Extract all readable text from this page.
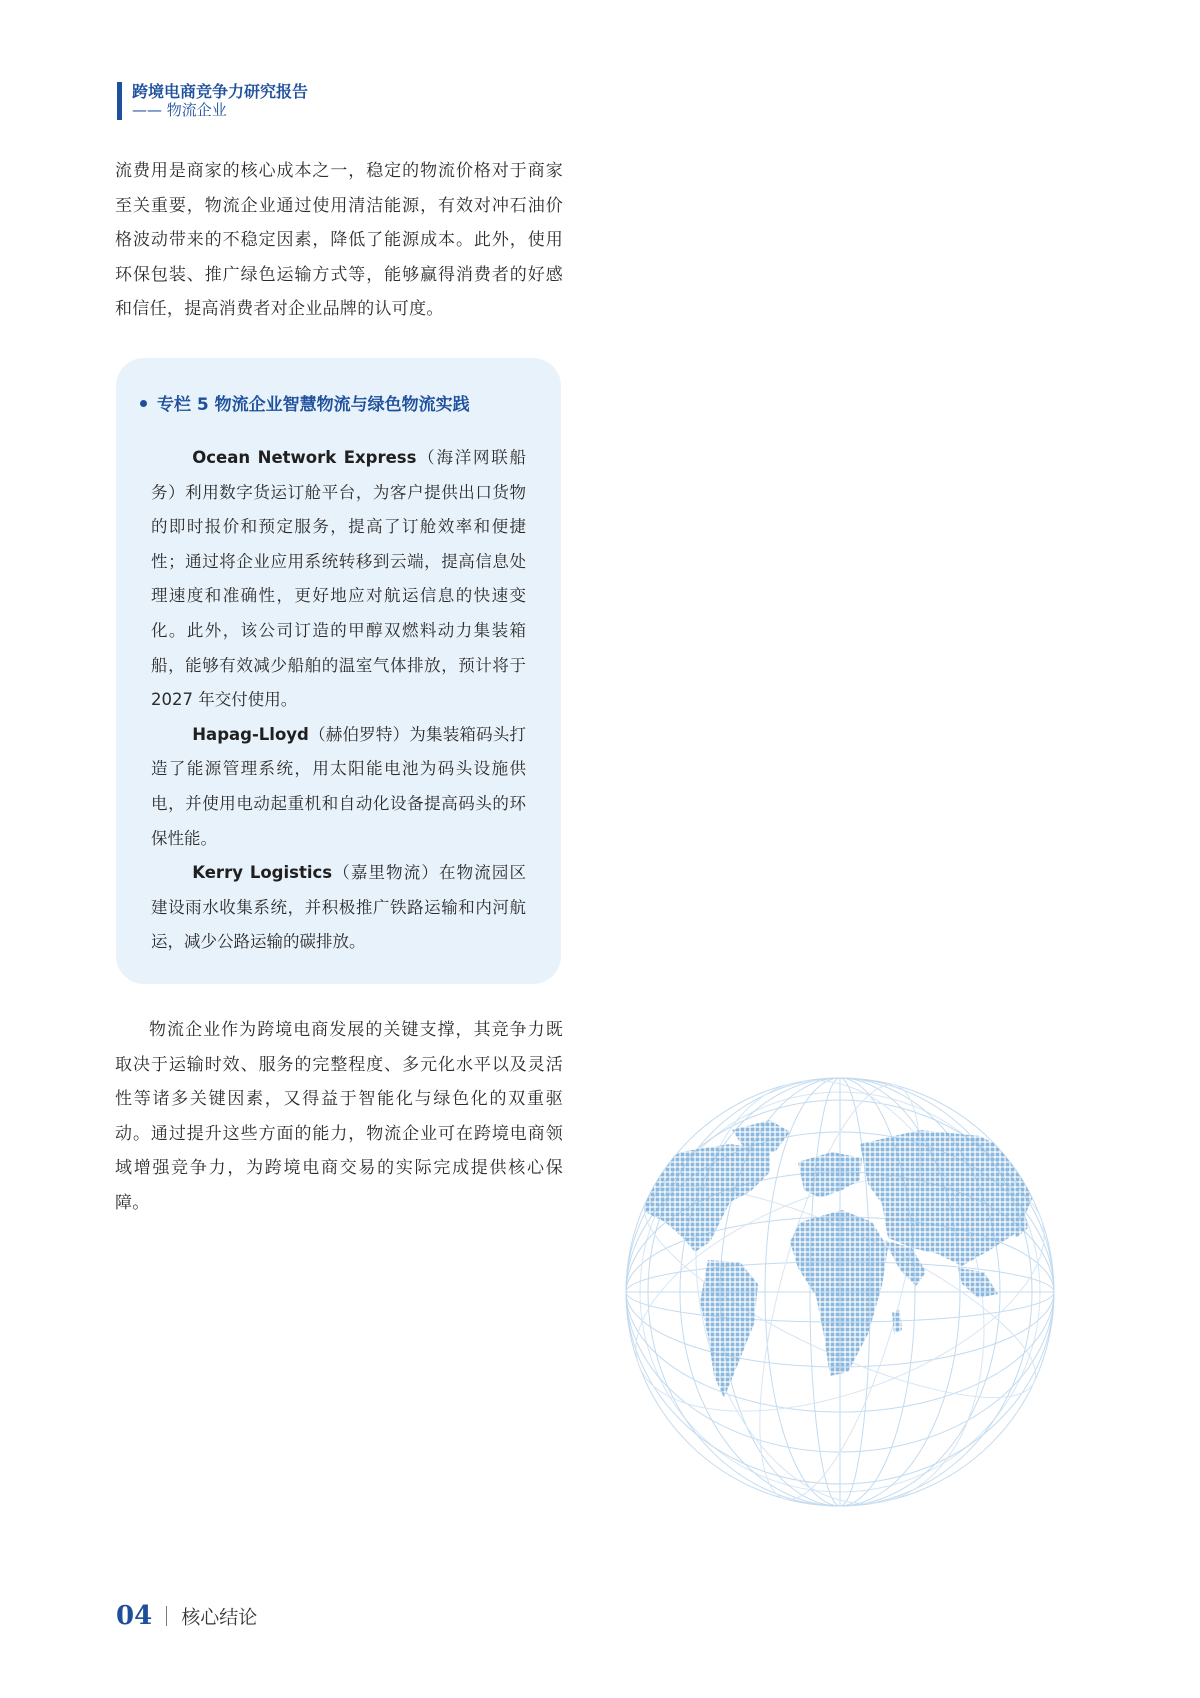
跨境电商竞争力研究报告
—— 物流企业

流费用是商家的核心成本之一，稳定的物流价格对于商家至关重要，物流企业通过使用清洁能源，有效对冲石油价格波动带来的不稳定因素，降低了能源成本。此外，使用环保包装、推广绿色运输方式等，能够赢得消费者的好感和信任，提高消费者对企业品牌的认可度。

专栏 5 物流企业智慧物流与绿色物流实践

Ocean Network Express（海洋网联船务）利用数字货运订舱平台，为客户提供出口货物的即时报价和预定服务，提高了订舱效率和便捷性；通过将企业应用系统转移到云端，提高信息处理速度和准确性，更好地应对航运信息的快速变化。此外，该公司订造的甲醇双燃料动力集装箱船，能够有效减少船舶的温室气体排放，预计将于 2027 年交付使用。

Hapag-Lloyd（赫伯罗特）为集装箱码头打造了能源管理系统，用太阳能电池为码头设施供电，并使用电动起重机和自动化设备提高码头的环保性能。

Kerry Logistics（嘉里物流）在物流园区建设雨水收集系统，并积极推广铁路运输和内河航运，减少公路运输的碳排放。

物流企业作为跨境电商发展的关键支撑，其竞争力既取决于运输时效、服务的完整程度、多元化水平以及灵活性等诸多关键因素，又得益于智能化与绿色化的双重驱动。通过提升这些方面的能力，物流企业可在跨境电商领域增强竞争力，为跨境电商交易的实际完成提供核心保障。

04 核心结论
